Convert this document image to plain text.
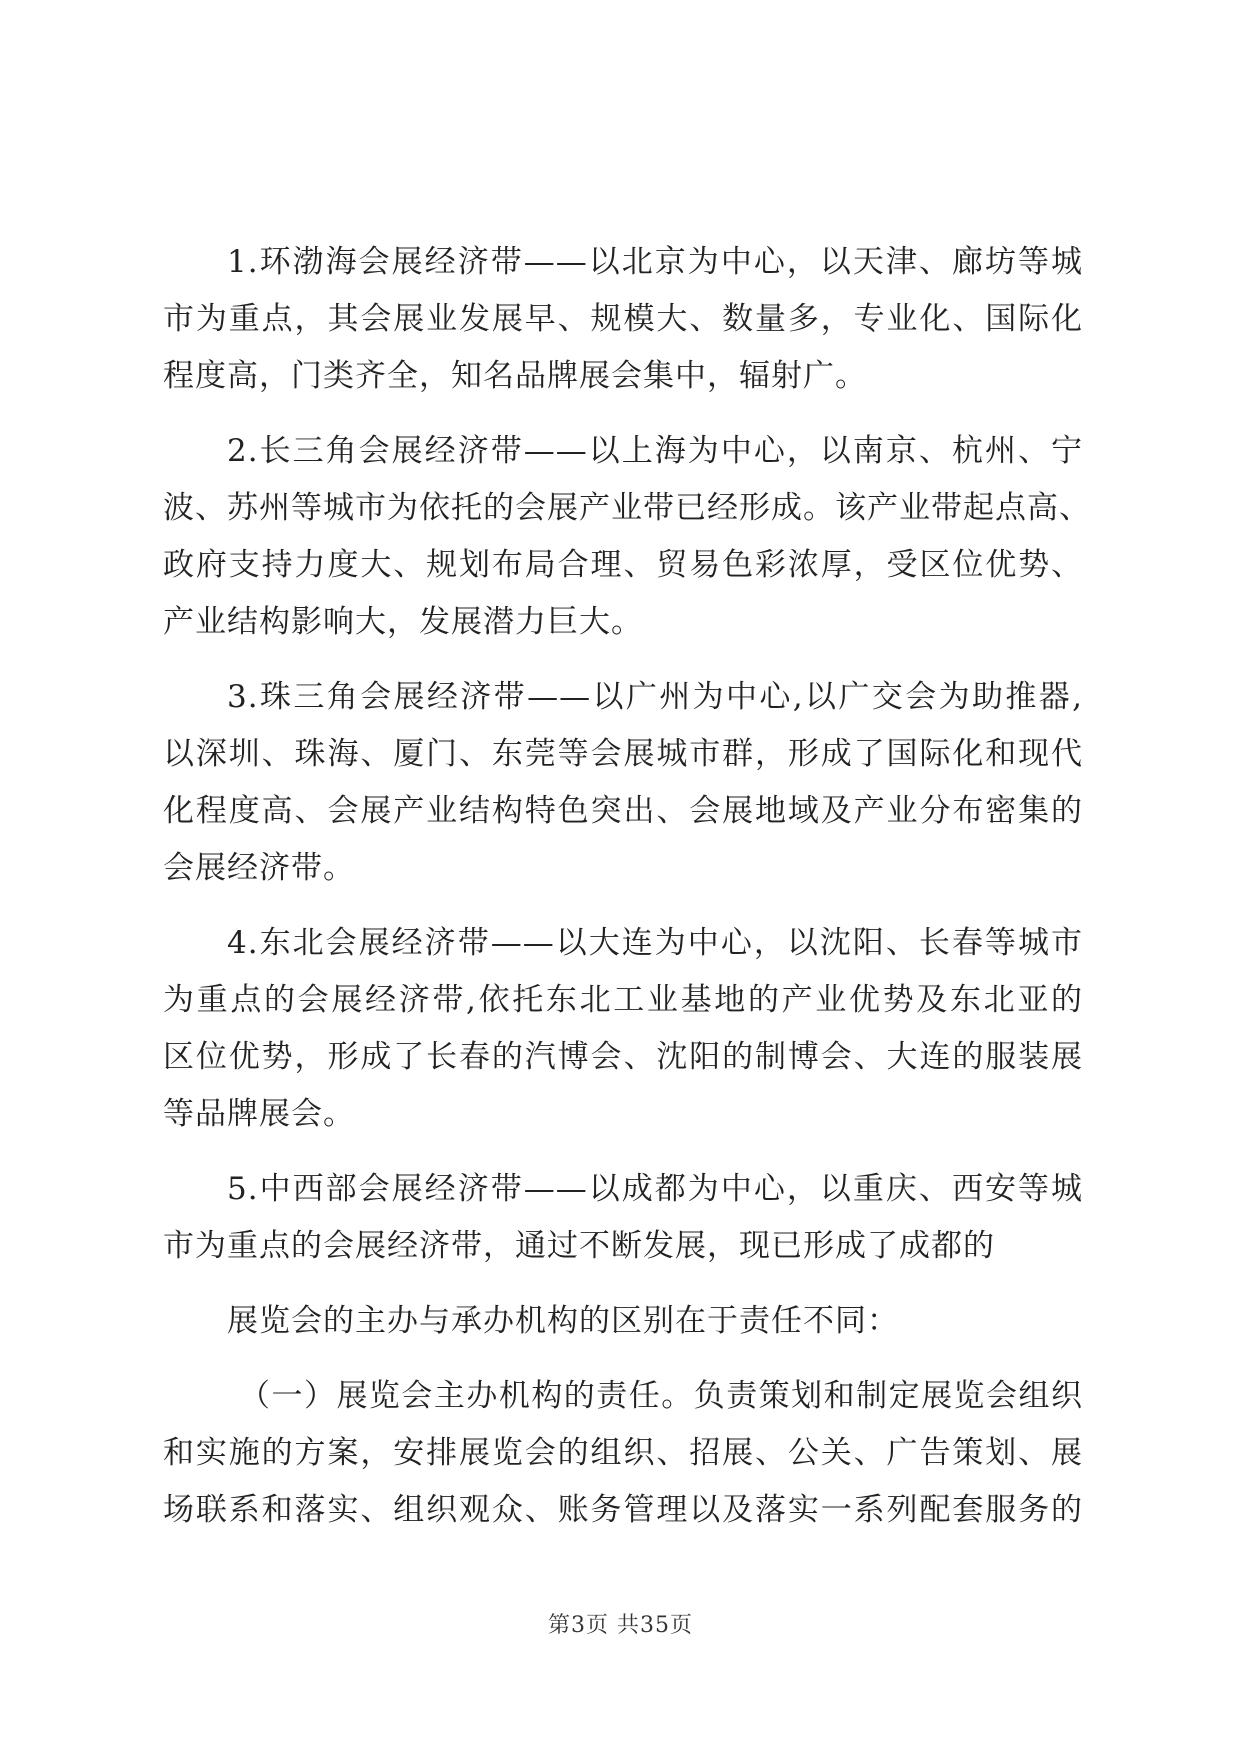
1.环渤海会展经济带——以北京为中心，以天津、廊坊等城
市为重点，其会展业发展早、规模大、数量多，专业化、国际化
程度高，门类齐全，知名品牌展会集中，辐射广。
2.长三角会展经济带——以上海为中心，以南京、杭州、宁
波、苏州等城市为依托的会展产业带已经形成。该产业带起点高、
政府支持力度大、规划布局合理、贸易色彩浓厚，受区位优势、
产业结构影响大，发展潜力巨大。
3.珠三角会展经济带——以广州为中心,以广交会为助推器,
以深圳、珠海、厦门、东莞等会展城市群，形成了国际化和现代
化程度高、会展产业结构特色突出、会展地域及产业分布密集的
会展经济带。
4.东北会展经济带——以大连为中心，以沈阳、长春等城市
为重点的会展经济带,依托东北工业基地的产业优势及东北亚的
区位优势，形成了长春的汽博会、沈阳的制博会、大连的服装展
等品牌展会。
5.中西部会展经济带——以成都为中心，以重庆、西安等城
市为重点的会展经济带，通过不断发展，现已形成了成都的
展览会的主办与承办机构的区别在于责任不同：
（一）展览会主办机构的责任。负责策划和制定展览会组织
和实施的方案，安排展览会的组织、招展、公关、广告策划、展
场联系和落实、组织观众、账务管理以及落实一系列配套服务的
第3页 共35页
